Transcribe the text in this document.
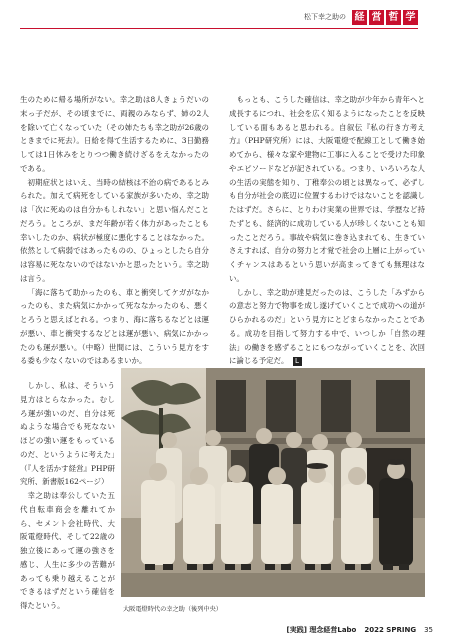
松下幸之助の 経 営 哲 学

生のために帰る場所がない。幸之助は8人きょうだいの末っ子だが、その頃までに、両親のみならず、姉の2人を除いて亡くなっていた（その姉たちも幸之助が26歳のときまでに死去）。日給を得て生活するために、3日勤務しては1日休みをとりつつ働き続けざるをえなかったのである。

初期症状とはいえ、当時の結核は不治の病であるとみられた。加えて病死をしている家族が多いため、幸之助は「次に死ぬのは自分かもしれない」と思い悩んだことだろう。ところが、まだ年齢が若く体力があったことも幸いしたのか、病状が極度に悪化することはなかった。依然として病弱ではあったものの、ひょっとしたら自分は容易に死なないのではないかと思ったという。幸之助は言う。

「海に落ちて助かったのも、車と衝突してケガがなかったのも、また病気にかかって死ななかったのも、悪くとろうと思えばとれる。つまり、海に落ちるなどとは運が悪い、車と衝突するなどとは運が悪い、病気にかかったのも運が悪い。（中略）世間には、こういう見方をする委も少なくないのではあるまいか。

しかし、私は、そういう見方はとらなかった。むしろ運が強いのだ、自分は死ぬような場合でも死なないほどの強い運をもっているのだ、というように考えた」（『人を活かす経営』PHP研究所、新書版162ページ）

幸之助は奉公していた五代自転車商会を離れてから、セメント会社時代、大阪電燈時代、そして22歳の独立後にあって運の強さを感じ、人生に多少の苦難があっても乗り越えることができるはずだという確信を得たという。

もっとも、こうした確信は、幸之助が少年から青年へと成長するにつれ、社会を広く知るようになったことを反映している面もあると思われる。自叙伝『私の行き方考え方』（PHP研究所）には、大阪電燈で配線工として働き始めてから、様々な家や建物に工事に入ることで受けた印象やエピソードなどが記されている。つまり、いろいろな人の生活の実態を知り、丁稚奉公の頃とは異なって、必ずしも自分が社会の底辺に位置するわけではないことを認識したはずだ。さらに、とりわけ実業の世界では、学歴など持たずとも、経済的に成功している人が珍しくないことも知ったことだろう。事故や病気に巻き込まれても、生きていさえすれば、自分の努力と才覚で社会の上層に上がっていくチャンスはあるという思いが高まってきても無理はない。

しかし、幸之助が達見だったのは、こうした「みずからの意志と努力で物事を成し遂げていくことで成功への道がひらかれるのだ」という見方にとどまらなかったことである。成功を目指して努力する中で、いつしか「自然の理法」の働きを感ずることにもつながっていくことを、次回に論じる予定だ。 L

大阪電燈時代の幸之助（後列中央）
[実践] 理念経営Labo 2022 SPRING 35
